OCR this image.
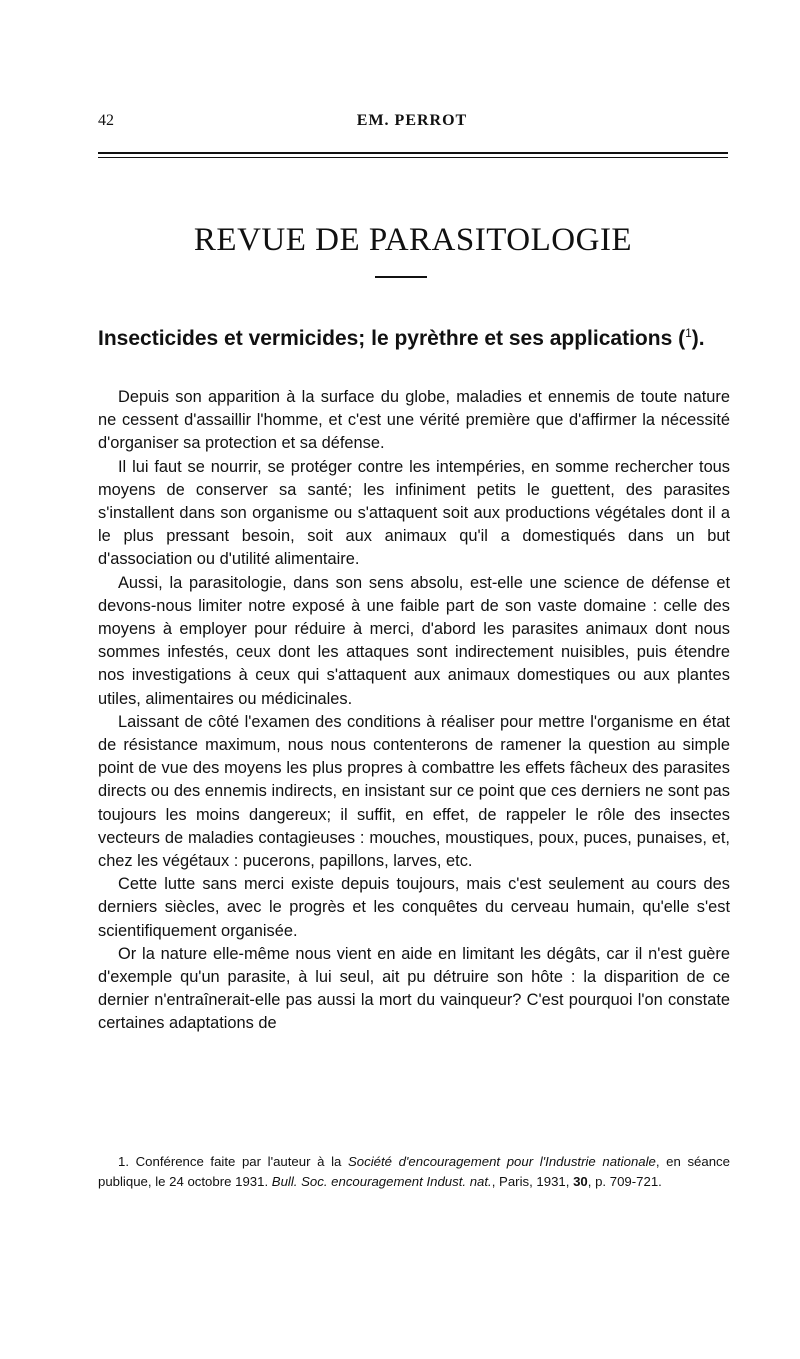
42	EM. PERROT
REVUE DE PARASITOLOGIE
Insecticides et vermicides; le pyrèthre et ses applications ($^1$).

Depuis son apparition à la surface du globe, maladies et ennemis de toute nature ne cessent d'assaillir l'homme, et c'est une vérité première que d'affirmer la nécessité d'organiser sa protection et sa défense.

Il lui faut se nourrir, se protéger contre les intempéries, en somme rechercher tous moyens de conserver sa santé; les infiniment petits le guettent, des parasites s'installent dans son organisme ou s'attaquent soit aux productions végétales dont il a le plus pressant besoin, soit aux animaux qu'il a domestiqués dans un but d'association ou d'utilité alimentaire.

Aussi, la parasitologie, dans son sens absolu, est-elle une science de défense et devons-nous limiter notre exposé à une faible part de son vaste domaine : celle des moyens à employer pour réduire à merci, d'abord les parasites animaux dont nous sommes infestés, ceux dont les attaques sont indirectement nuisibles, puis étendre nos investigations à ceux qui s'attaquent aux animaux domestiques ou aux plantes utiles, alimentaires ou médicinales.

Laissant de côté l'examen des conditions à réaliser pour mettre l'organisme en état de résistance maximum, nous nous contenterons de ramener la question au simple point de vue des moyens les plus propres à combattre les effets fâcheux des parasites directs ou des ennemis indirects, en insistant sur ce point que ces derniers ne sont pas toujours les moins dangereux; il suffit, en effet, de rappeler le rôle des insectes vecteurs de maladies contagieuses : mouches, moustiques, poux, puces, punaises, et, chez les végétaux : pucerons, papillons, larves, etc.

Cette lutte sans merci existe depuis toujours, mais c'est seulement au cours des derniers siècles, avec le progrès et les conquêtes du cerveau humain, qu'elle s'est scientifiquement organisée.

Or la nature elle-même nous vient en aide en limitant les dégâts, car il n'est guère d'exemple qu'un parasite, à lui seul, ait pu détruire son hôte : la disparition de ce dernier n'entraînerait-elle pas aussi la mort du vainqueur? C'est pourquoi l'on constate certaines adaptations de

1. Conférence faite par l'auteur à la Société d'encouragement pour l'Industrie nationale, en séance publique, le 24 octobre 1931. Bull. Soc. encouragement Indust. nat., Paris, 1931, 30, p. 709-721.
